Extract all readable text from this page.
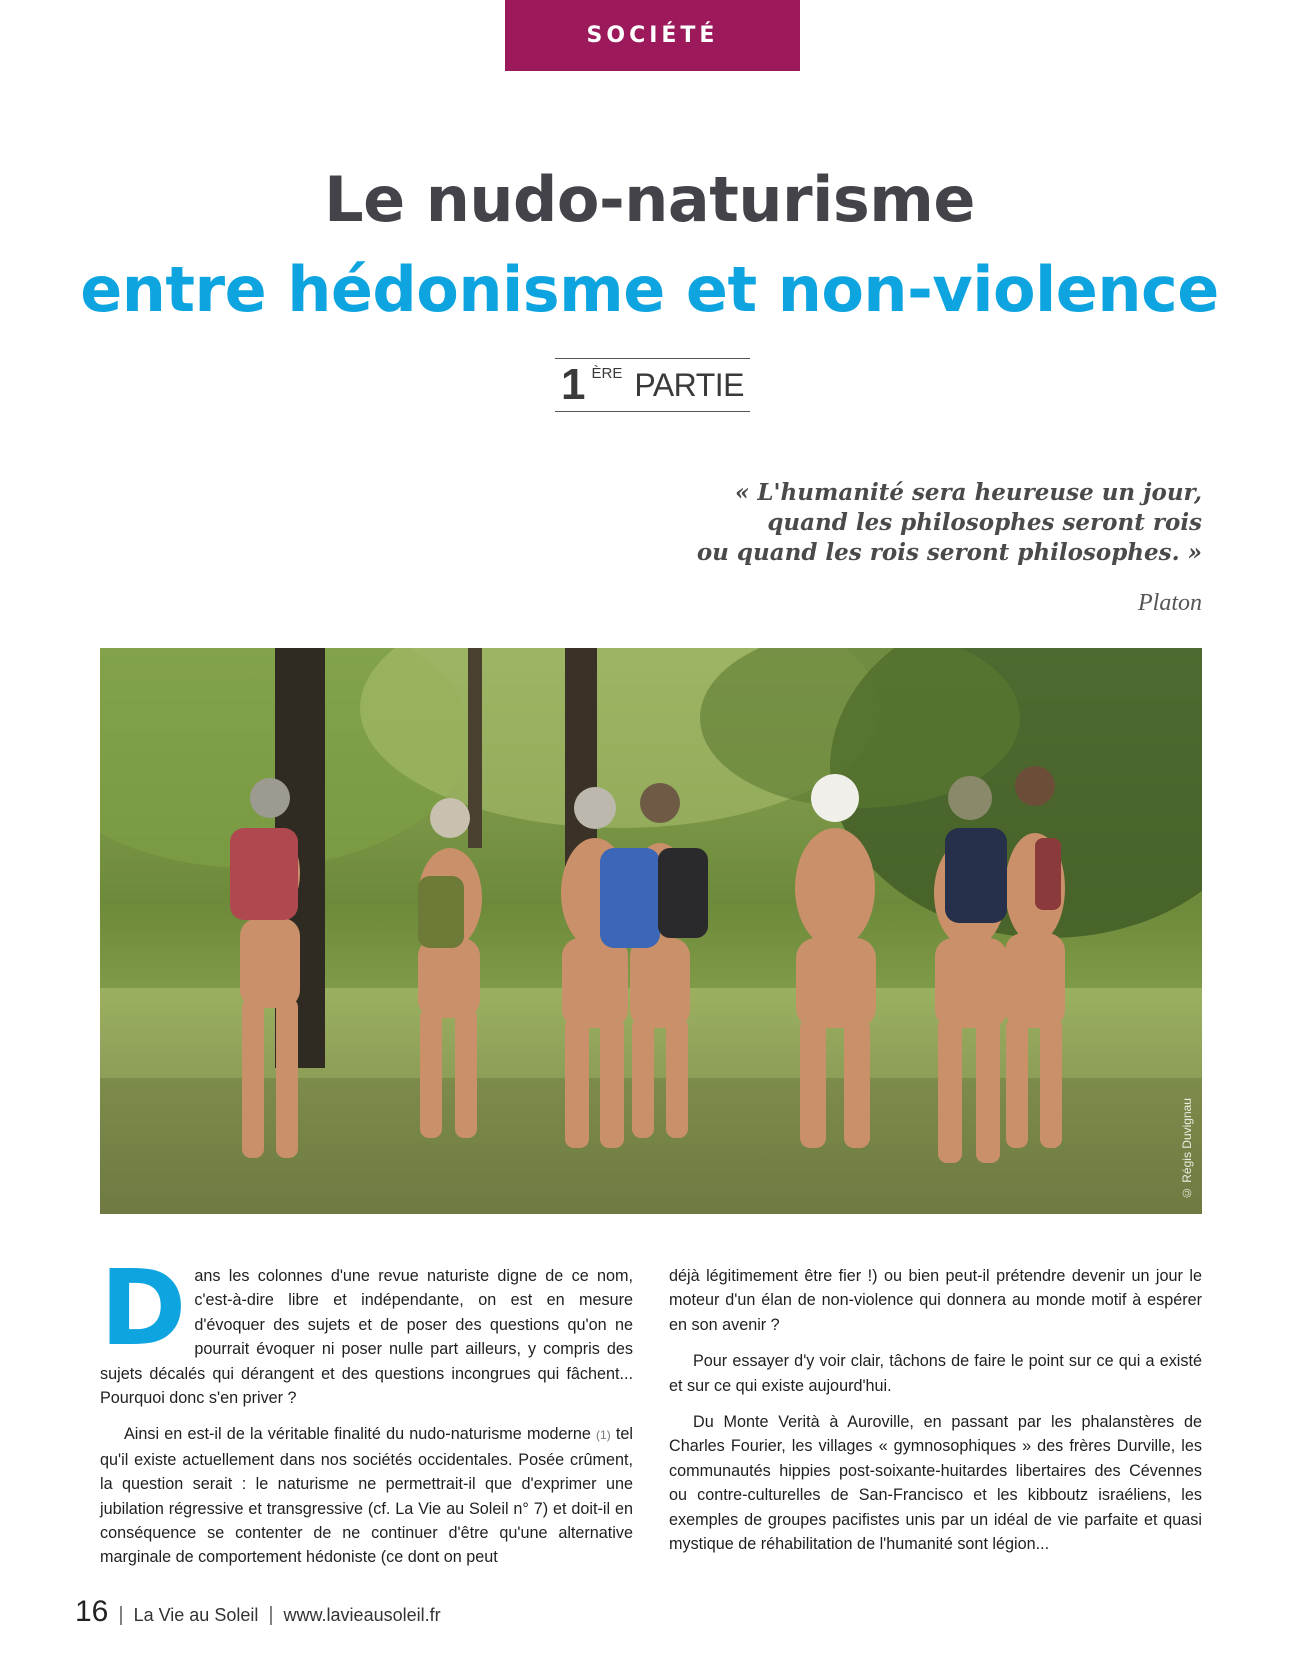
SOCIÉTÉ
Le nudo-naturisme
entre hédonisme et non-violence
1 ÈRE PARTIE
« L'humanité sera heureuse un jour,
quand les philosophes seront rois
ou quand les rois seront philosophes. »
Platon
© Régis Duvignau

Dans les colonnes d'une revue naturiste digne de ce nom, c'est-à-dire libre et indépendante, on est en mesure d'évoquer des sujets et de poser des questions qu'on ne pourrait évoquer ni poser nulle part ailleurs, y compris des sujets décalés qui dérangent et des questions incongrues qui fâchent... Pourquoi donc s'en priver ?

Ainsi en est-il de la véritable finalité du nudo-naturisme moderne (1) tel qu'il existe actuellement dans nos sociétés occidentales. Posée crûment, la question serait : le naturisme ne permettrait-il que d'exprimer une jubilation régressive et transgressive (cf. La Vie au Soleil n° 7) et doit-il en conséquence se contenter de ne continuer d'être qu'une alternative marginale de comportement hédoniste (ce dont on peut

déjà légitimement être fier !) ou bien peut-il prétendre devenir un jour le moteur d'un élan de non-violence qui donnera au monde motif à espérer en son avenir ?

Pour essayer d'y voir clair, tâchons de faire le point sur ce qui a existé et sur ce qui existe aujourd'hui.

Du Monte Verità à Auroville, en passant par les phalanstères de Charles Fourier, les villages « gymnosophiques » des frères Durville, les communautés hippies post-soixante-huitardes libertaires des Cévennes ou contre-culturelles de San-Francisco et les kibboutz israéliens, les exemples de groupes pacifistes unis par un idéal de vie parfaite et quasi mystique de réhabilitation de l'humanité sont légion...

16 | La Vie au Soleil | www.lavieausoleil.fr
